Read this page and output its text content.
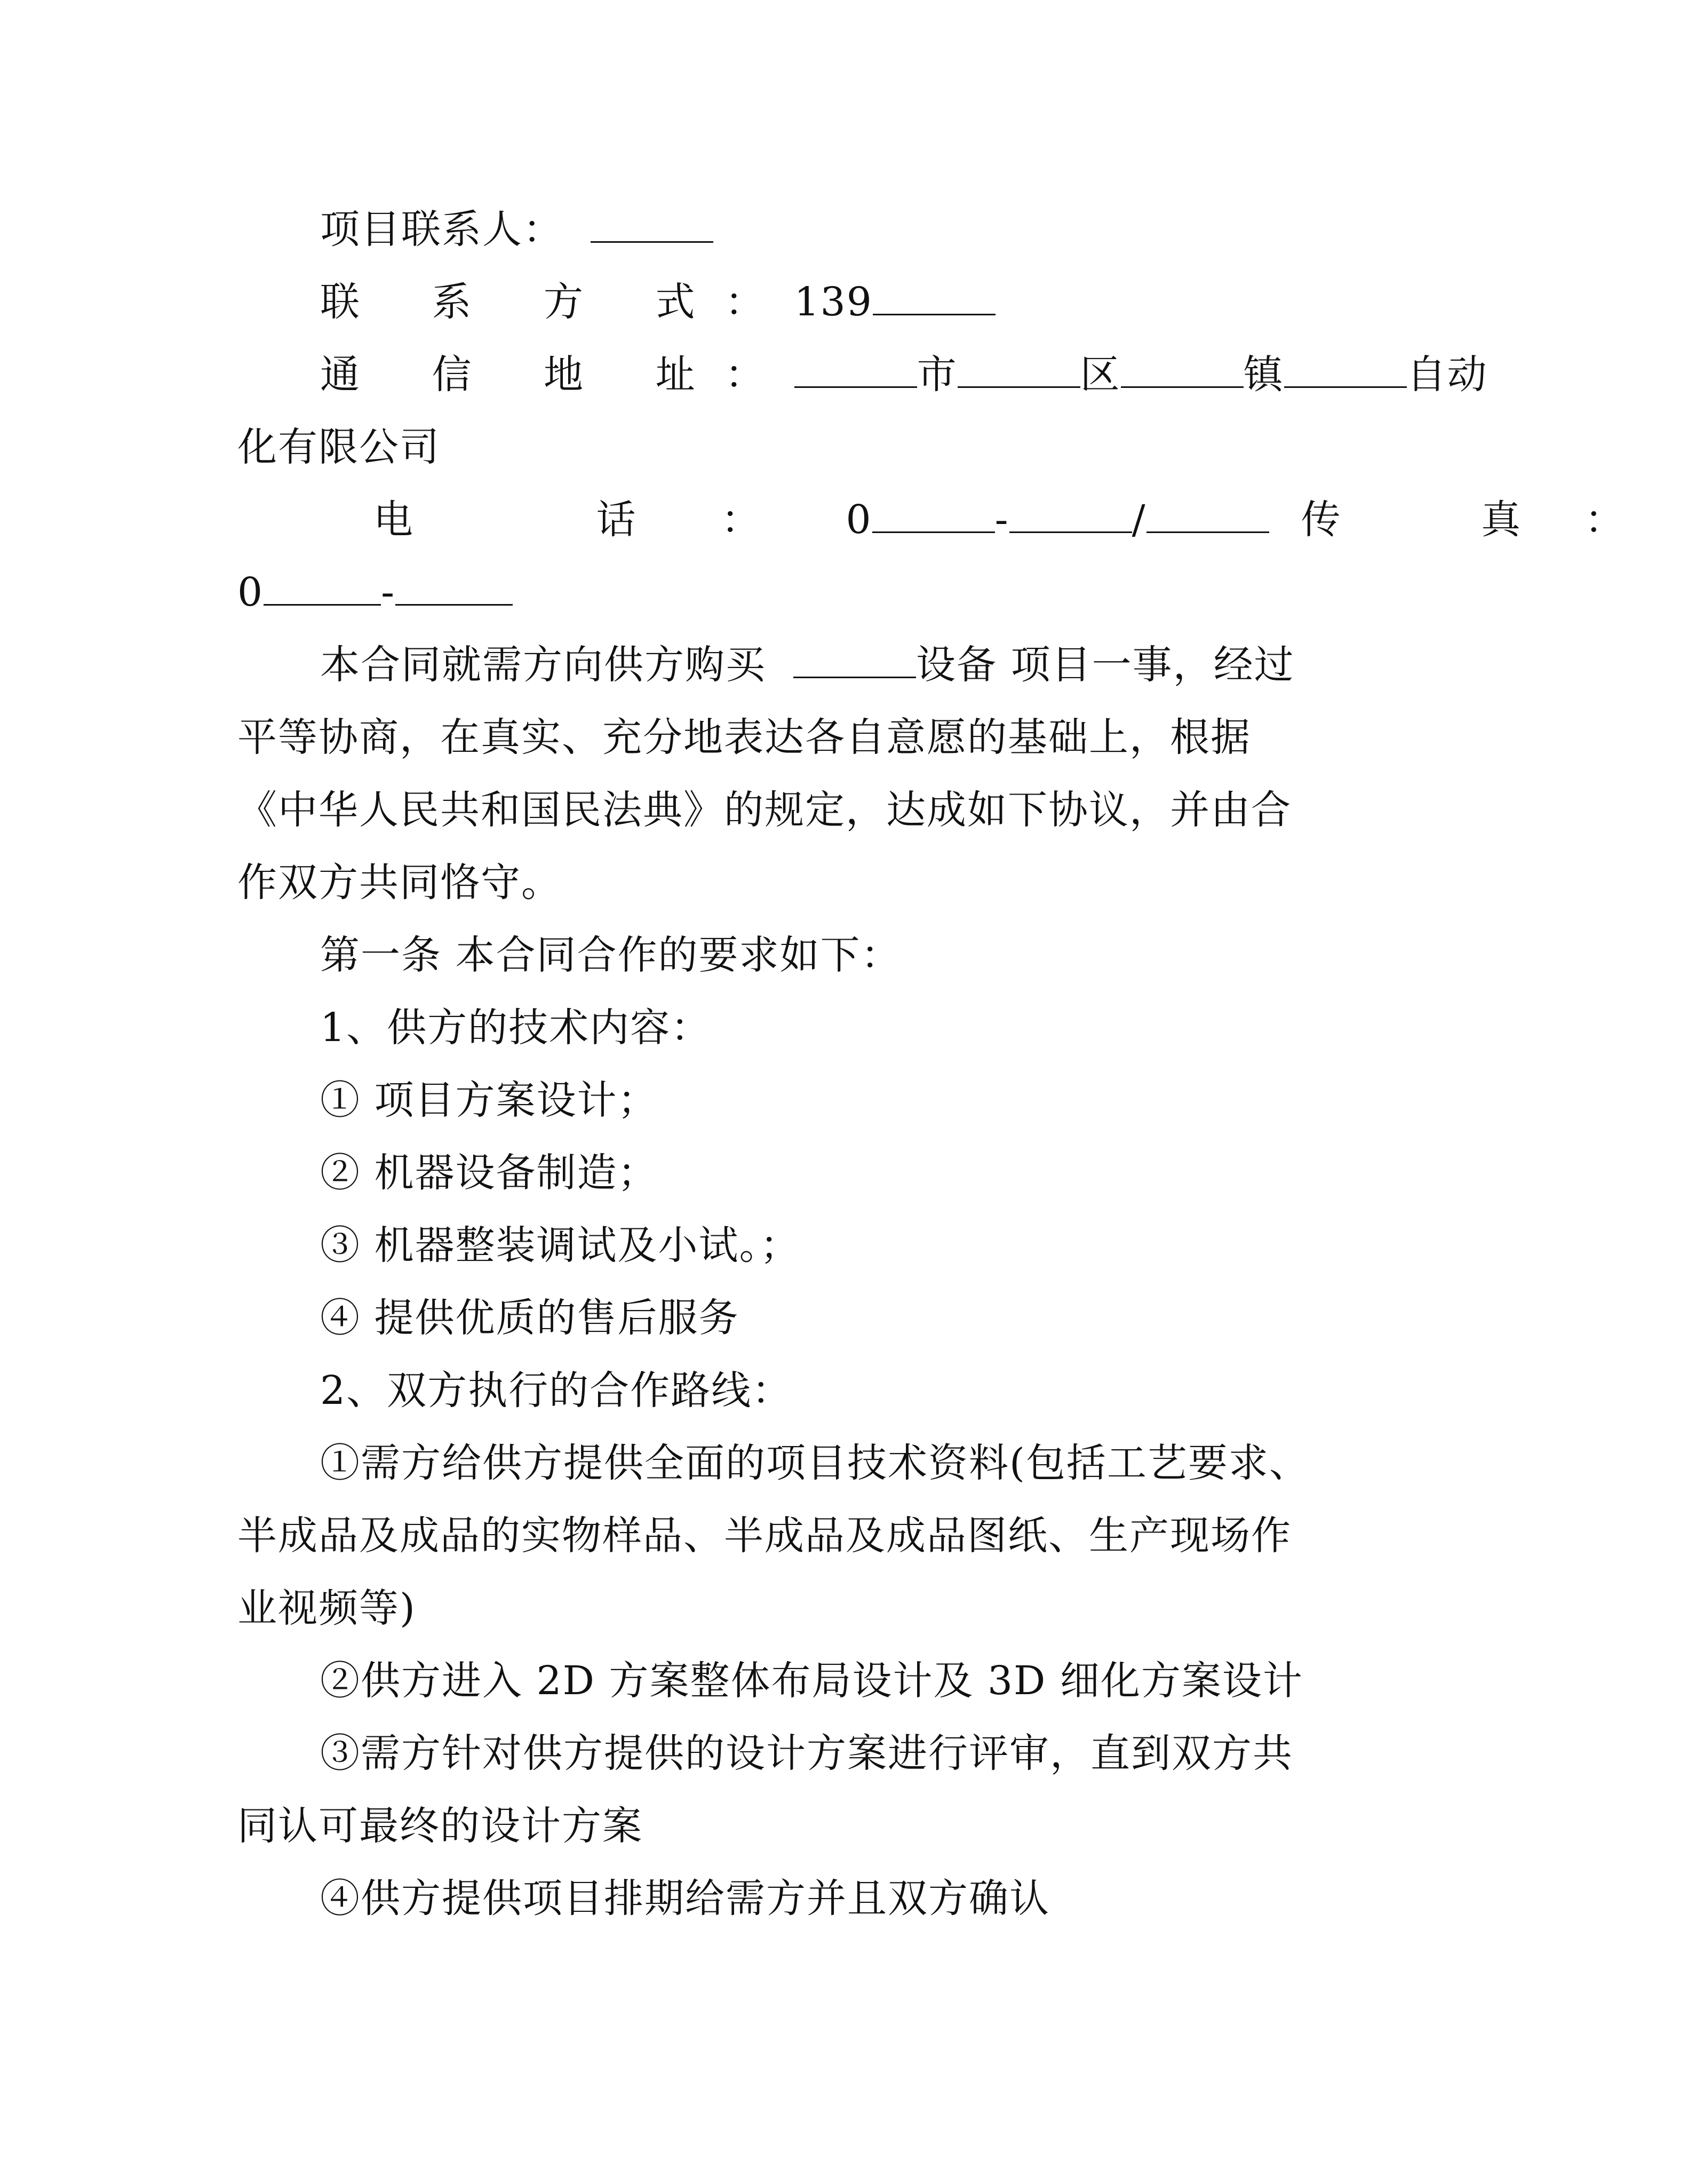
项目联系人：
联 系 方 式：139
通 信 地 址：	市	区	镇	自动
化有限公司
电 话：0	-	/	传 真：
0	-
本合同就需方向供方购买	设备 项目一事，经过
平等协商，在真实、充分地表达各自意愿的基础上，根据
《中华人民共和国民法典》的规定，达成如下协议，并由合
作双方共同恪守。
第一条 本合同合作的要求如下：
1、供方的技术内容：
① 项目方案设计；
② 机器设备制造；
③ 机器整装调试及小试。；
④ 提供优质的售后服务
2、双方执行的合作路线：
①需方给供方提供全面的项目技术资料(包括工艺要求、
半成品及成品的实物样品、半成品及成品图纸、生产现场作
业视频等)
②供方进入 2D 方案整体布局设计及 3D 细化方案设计
③需方针对供方提供的设计方案进行评审，直到双方共
同认可最终的设计方案
④供方提供项目排期给需方并且双方确认
